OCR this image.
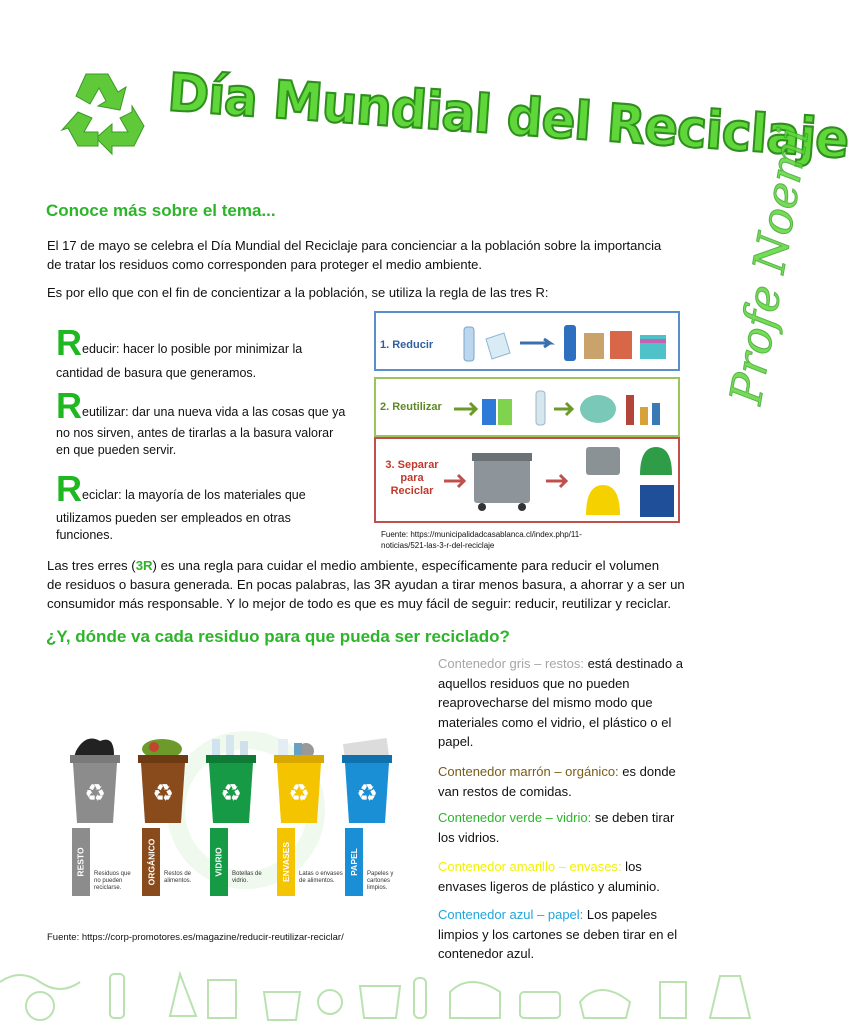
Día Mundial del Reciclaje
Profe Noemi
Conoce más sobre el tema...
El 17 de mayo se celebra el Día Mundial del Reciclaje para concienciar a la población sobre la importancia
de tratar los residuos como corresponden para proteger el medio ambiente.
Es por ello que con el fin de concientizar a la población, se utiliza la regla de las tres R:
Reducir: hacer lo posible por minimizar la
cantidad de basura que generamos.
Reutilizar: dar una nueva vida a las cosas que ya
no nos sirven, antes de tirarlas a la basura valorar
en que pueden servir.
Reciclar: la mayoría de los materiales que
utilizamos pueden ser empleados en otras
funciones.
1. Reducir
2. Reutilizar
3. Separar
para
Reciclar
Fuente: https://municipalidadcasablanca.cl/index.php/11-
noticias/521-las-3-r-del-reciclaje
Las tres erres (3R) es una regla para cuidar el medio ambiente, específicamente para reducir el volumen
de residuos o basura generada. En pocas palabras, las 3R ayudan a tirar menos basura, a ahorrar y a ser un
consumidor más responsable. Y lo mejor de todo es que es muy fácil de seguir: reducir, reutilizar y reciclar.
¿Y, dónde va cada residuo para que pueda ser reciclado?
♻ ♻ ♻ ♻ ♻
RESTO Residuos que no pueden reciclarse.
ORGÁNICO Restos de alimentos.
VIDRIO Botellas de vidrio.	ENVASES Latas o envases de alimentos.
PAPEL Papeles y cartones limpios.
Fuente: https://corp-promotores.es/magazine/reducir-reutilizar-reciclar/
Contenedor gris – restos: está destinado a
aquellos residuos que no pueden
reaprovecharse del mismo modo que
materiales como el vidrio, el plástico o el
papel.
Contenedor marrón – orgánico: es donde
van restos de comidas.
Contenedor verde – vidrio: se deben tirar
los vidrios.
Contenedor amarillo – envases: los
envases ligeros de plástico y aluminio.
Contenedor azul – papel: Los papeles
limpios y los cartones se deben tirar en el
contenedor azul.
